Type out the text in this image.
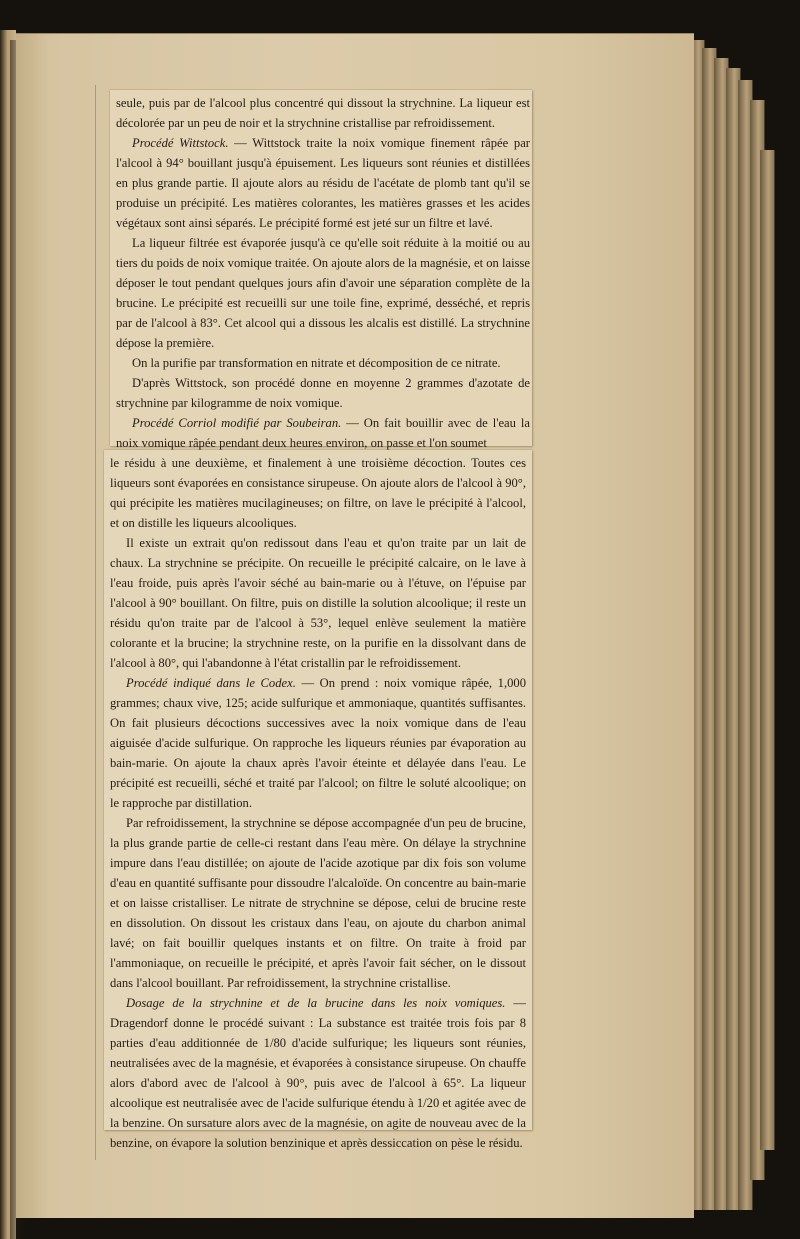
seule, puis par de l'alcool plus concentré qui dissout la strychnine. La liqueur est décolorée par un peu de noir et la strychnine cristallise par refroidissement.

Procédé Wittstock. — Wittstock traite la noix vomique finement râpée par l'alcool à 94° bouillant jusqu'à épuisement. Les liqueurs sont réunies et distillées en plus grande partie. Il ajoute alors au résidu de l'acétate de plomb tant qu'il se produise un précipité. Les matières colorantes, les matières grasses et les acides végétaux sont ainsi séparés. Le précipité formé est jeté sur un filtre et lavé.

La liqueur filtrée est évaporée jusqu'à ce qu'elle soit réduite à la moitié ou au tiers du poids de noix vomique traitée. On ajoute alors de la magnésie, et on laisse déposer le tout pendant quelques jours afin d'avoir une séparation complète de la brucine. Le précipité est recueilli sur une toile fine, exprimé, desséché, et repris par de l'alcool à 83°. Cet alcool qui a dissous les alcalis est distillé. La strychnine dépose la première.

On la purifie par transformation en nitrate et décomposition de ce nitrate.

D'après Wittstock, son procédé donne en moyenne 2 grammes d'azotate de strychnine par kilogramme de noix vomique.

Procédé Corriol modifié par Soubeiran. — On fait bouillir avec de l'eau la noix vomique râpée pendant deux heures environ, on passe et l'on soumet

le résidu à une deuxième, et finalement à une troisième décoction. Toutes ces liqueurs sont évaporées en consistance sirupeuse. On ajoute alors de l'alcool à 90°, qui précipite les matières mucilagineuses; on filtre, on lave le précipité à l'alcool, et on distille les liqueurs alcooliques.

Il existe un extrait qu'on redissout dans l'eau et qu'on traite par un lait de chaux. La strychnine se précipite. On recueille le précipité calcaire, on le lave à l'eau froide, puis après l'avoir séché au bain-marie ou à l'étuve, on l'épuise par l'alcool à 90° bouillant. On filtre, puis on distille la solution alcoolique; il reste un résidu qu'on traite par de l'alcool à 53°, lequel enlève seulement la matière colorante et la brucine; la strychnine reste, on la purifie en la dissolvant dans de l'alcool à 80°, qui l'abandonne à l'état cristallin par le refroidissement.

Procédé indiqué dans le Codex. — On prend : noix vomique râpée, 1,000 grammes; chaux vive, 125; acide sulfurique et ammoniaque, quantités suffisantes. On fait plusieurs décoctions successives avec la noix vomique dans de l'eau aiguisée d'acide sulfurique. On rapproche les liqueurs réunies par évaporation au bain-marie. On ajoute la chaux après l'avoir éteinte et délayée dans l'eau. Le précipité est recueilli, séché et traité par l'alcool; on filtre le soluté alcoolique; on le rapproche par distillation.

Par refroidissement, la strychnine se dépose accompagnée d'un peu de brucine, la plus grande partie de celle-ci restant dans l'eau mère. On délaye la strychnine impure dans l'eau distillée; on ajoute de l'acide azotique par dix fois son volume d'eau en quantité suffisante pour dissoudre l'alcaloïde. On concentre au bain-marie et on laisse cristalliser. Le nitrate de strychnine se dépose, celui de brucine reste en dissolution. On dissout les cristaux dans l'eau, on ajoute du charbon animal lavé; on fait bouillir quelques instants et on filtre. On traite à froid par l'ammoniaque, on recueille le précipité, et après l'avoir fait sécher, on le dissout dans l'alcool bouillant. Par refroidissement, la strychnine cristallise.

Dosage de la strychnine et de la brucine dans les noix vomiques. — Dragendorf donne le procédé suivant : La substance est traitée trois fois par 8 parties d'eau additionnée de 1/80 d'acide sulfurique; les liqueurs sont réunies, neutralisées avec de la magnésie, et évaporées à consistance sirupeuse. On chauffe alors d'abord avec de l'alcool à 90°, puis avec de l'alcool à 65°. La liqueur alcoolique est neutralisée avec de l'acide sulfurique étendu à 1/20 et agitée avec de la benzine. On sursature alors avec de la magnésie, on agite de nouveau avec de la benzine, on évapore la solution benzinique et après dessiccation on pèse le résidu.
